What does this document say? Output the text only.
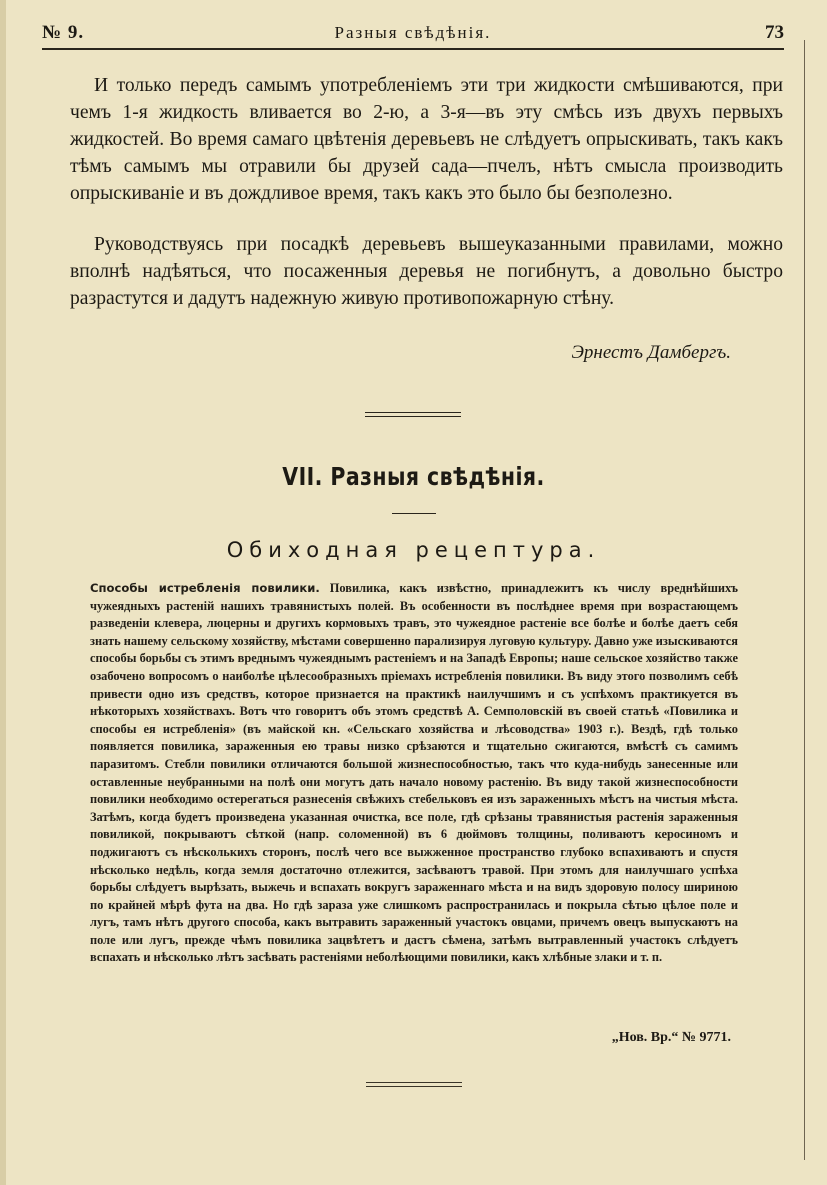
№ 9.	Разныя свѣдѣнія.	73

И только передъ самымъ употребленіемъ эти три жидкости смѣшиваются, при чемъ 1-я жидкость вливается во 2-ю, а 3-я—въ эту смѣсь изъ двухъ первыхъ жидкостей. Во время самаго цвѣтенія деревьевъ не слѣдуетъ опрыскивать, такъ какъ тѣмъ самымъ мы отравили бы друзей сада—пчелъ, нѣтъ смысла производить опрыскиваніе и въ дождливое время, такъ какъ это было бы безполезно.

Руководствуясь при посадкѣ деревьевъ вышеуказанными правилами, можно вполнѣ надѣяться, что посаженныя деревья не погибнутъ, а довольно быстро разрастутся и дадутъ надежную живую противопожарную стѣну.

Эрнестъ Дамбергъ.
VII. Разныя свѣдѣнія.
Обиходная рецептура.

Способы истребленія повилики. Повилика, какъ извѣстно, принадлежитъ къ числу вреднѣйшихъ чужеядныхъ растеній нашихъ травянистыхъ полей. Въ особенности въ послѣднее время при возрастающемъ разведеніи клевера, люцерны и другихъ кормовыхъ травъ, это чужеядное растеніе все болѣе и болѣе даетъ себя знать нашему сельскому хозяйству, мѣстами совершенно парализируя луговую культуру. Давно уже изыскиваются способы борьбы съ этимъ вреднымъ чужеяднымъ растеніемъ и на Западѣ Европы; наше сельское хозяйство также озабочено вопросомъ о наиболѣе цѣлесообразныхъ пріемахъ истребленія повилики. Въ виду этого позволимъ себѣ привести одно изъ средствъ, которое признается на практикѣ наилучшимъ и съ успѣхомъ практикуется въ нѣкоторыхъ хозяйствахъ. Вотъ что говоритъ объ этомъ средствѣ А. Семполовскій въ своей статьѣ «Повилика и способы ея истребленія» (въ майской кн. «Сельскаго хозяйства и лѣсоводства» 1903 г.). Вездѣ, гдѣ только появляется повилика, зараженныя ею травы низко срѣзаются и тщательно сжигаются, вмѣстѣ съ самимъ паразитомъ. Стебли повилики отличаются большой жизнеспособностью, такъ что куда-нибудь занесенные или оставленные неубранными на полѣ они могутъ дать начало новому растенію. Въ виду такой жизнеспособности повилики необходимо остерегаться разнесенія свѣжихъ стебельковъ ея изъ зараженныхъ мѣстъ на чистыя мѣста. Затѣмъ, когда будетъ произведена указанная очистка, все поле, гдѣ срѣзаны травянистыя растенія зараженныя повиликой, покрываютъ сѣткой (напр. соломенной) въ 6 дюймовъ толщины, поливаютъ керосиномъ и поджигаютъ съ нѣсколькихъ сторонъ, послѣ чего все выжженное пространство глубоко вспахиваютъ и спустя нѣсколько недѣль, когда земля достаточно отлежится, засѣваютъ травой. При этомъ для наилучшаго успѣха борьбы слѣдуетъ вырѣзать, выжечь и вспахать вокругъ зараженнаго мѣста и на видъ здоровую полосу шириною по крайней мѣрѣ фута на два. Но гдѣ зараза уже слишкомъ распространилась и покрыла сѣтью цѣлое поле и лугъ, тамъ нѣтъ другого способа, какъ вытравить зараженный участокъ овцами, причемъ овецъ выпускаютъ на поле или лугъ, прежде чѣмъ повилика зацвѣтетъ и дастъ сѣмена, затѣмъ вытравленный участокъ слѣдуетъ вспахать и нѣсколько лѣтъ засѣвать растеніями неболѣющими повилики, какъ хлѣбные злаки и т. п.

„Нов. Вр.“ № 9771.
